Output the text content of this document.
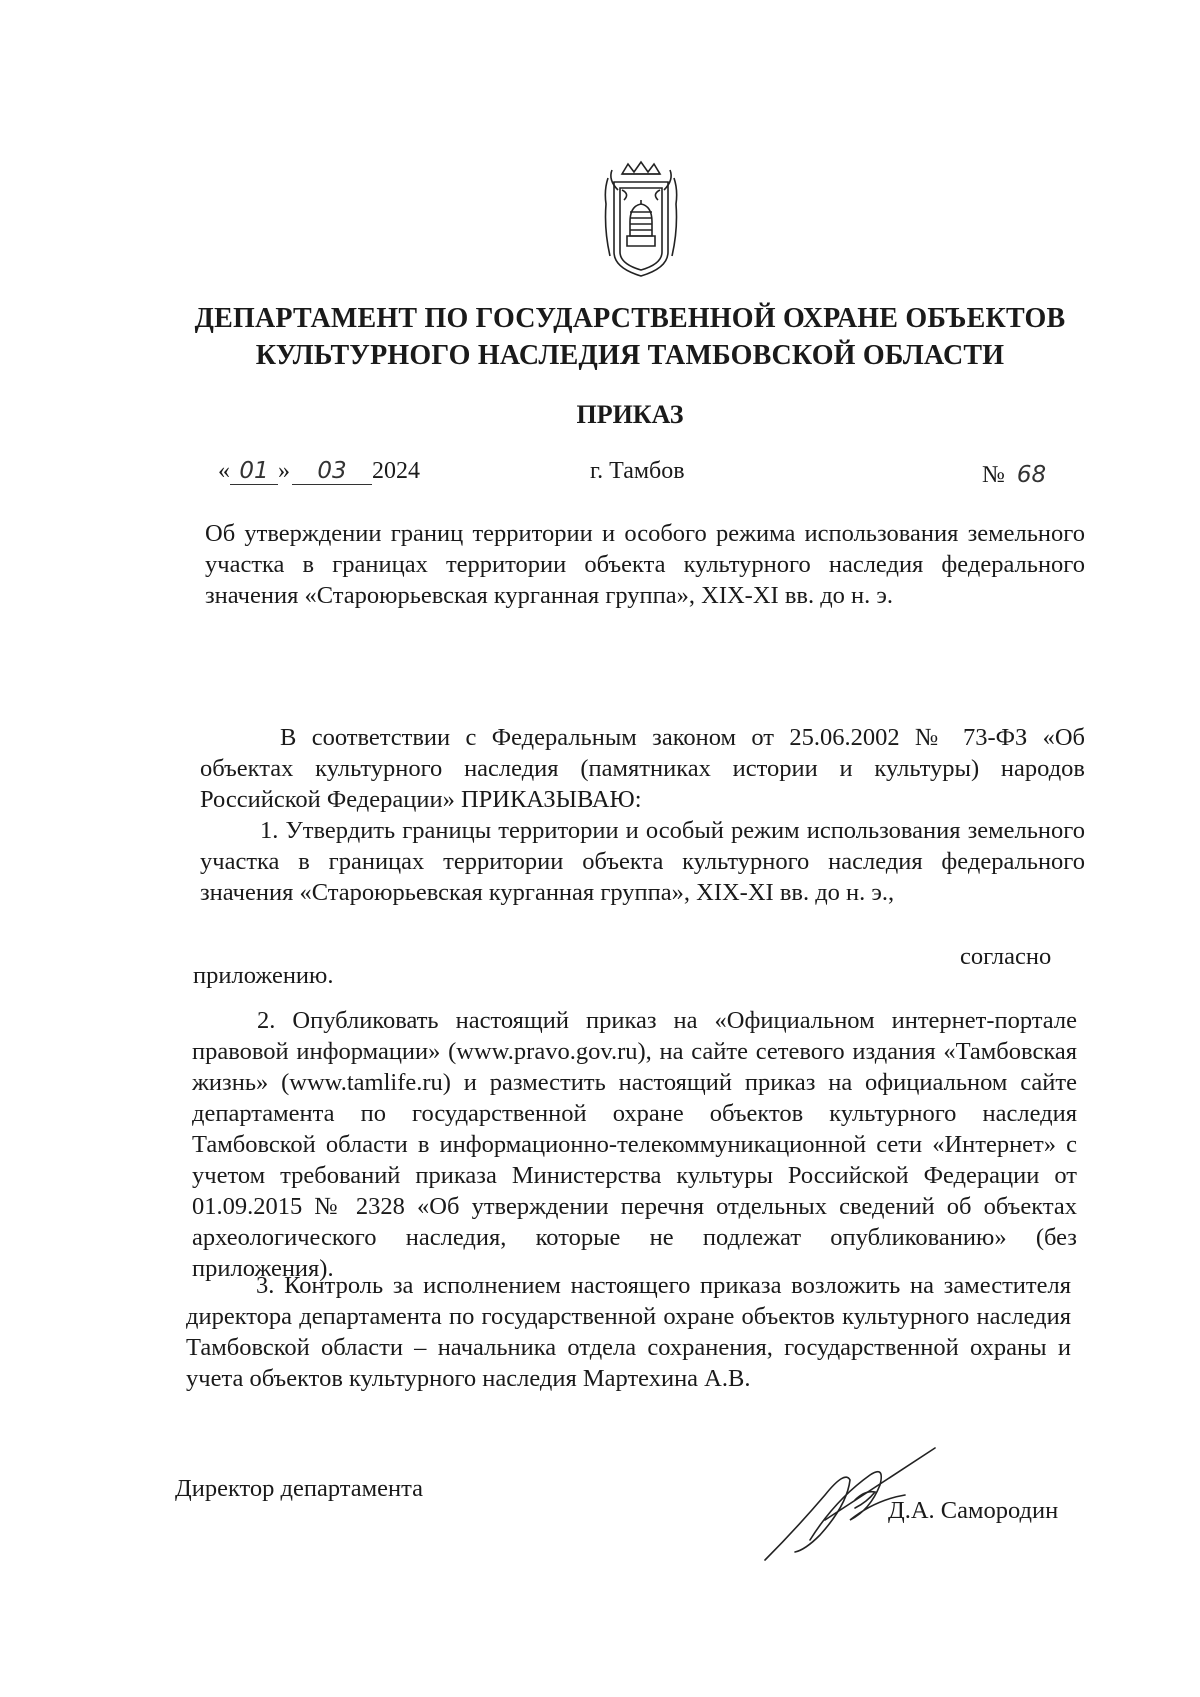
ДЕПАРТАМЕНТ ПО ГОСУДАРСТВЕННОЙ ОХРАНЕ ОБЪЕКТОВ
КУЛЬТУРНОГО НАСЛЕДИЯ ТАМБОВСКОЙ ОБЛАСТИ
ПРИКАЗ
« 01 » 03 2024	г. Тамбов	№ 68
Об утверждении границ территории и особого режима использования земельного участка в границах территории объекта культурного наследия федерального значения «Староюрьевская курганная группа», XIX-XI вв. до н. э.
В соответствии с Федеральным законом от 25.06.2002 № 73-ФЗ «Об объектах культурного наследия (памятниках истории и культуры) народов Российской Федерации» ПРИКАЗЫВАЮ:
1. Утвердить границы территории и особый режим использования земельного участка в границах территории объекта культурного наследия федерального значения «Староюрьевская курганная группа», XIX-XI вв. до н. э.,
согласно
приложению.
2. Опубликовать настоящий приказ на «Официальном интернет-портале правовой информации» (www.pravo.gov.ru), на сайте сетевого издания «Тамбовская жизнь» (www.tamlife.ru) и разместить настоящий приказ на официальном сайте департамента по государственной охране объектов культурного наследия Тамбовской области в информационно-телекоммуникационной сети «Интернет» с учетом требований приказа Министерства культуры Российской Федерации от 01.09.2015 № 2328 «Об утверждении перечня отдельных сведений об объектах археологического наследия, которые не подлежат опубликованию» (без приложения).
3. Контроль за исполнением настоящего приказа возложить на заместителя директора департамента по государственной охране объектов культурного наследия Тамбовской области – начальника отдела сохранения, государственной охраны и учета объектов культурного наследия Мартехина А.В.
Директор департамента
Д.А. Самородин
